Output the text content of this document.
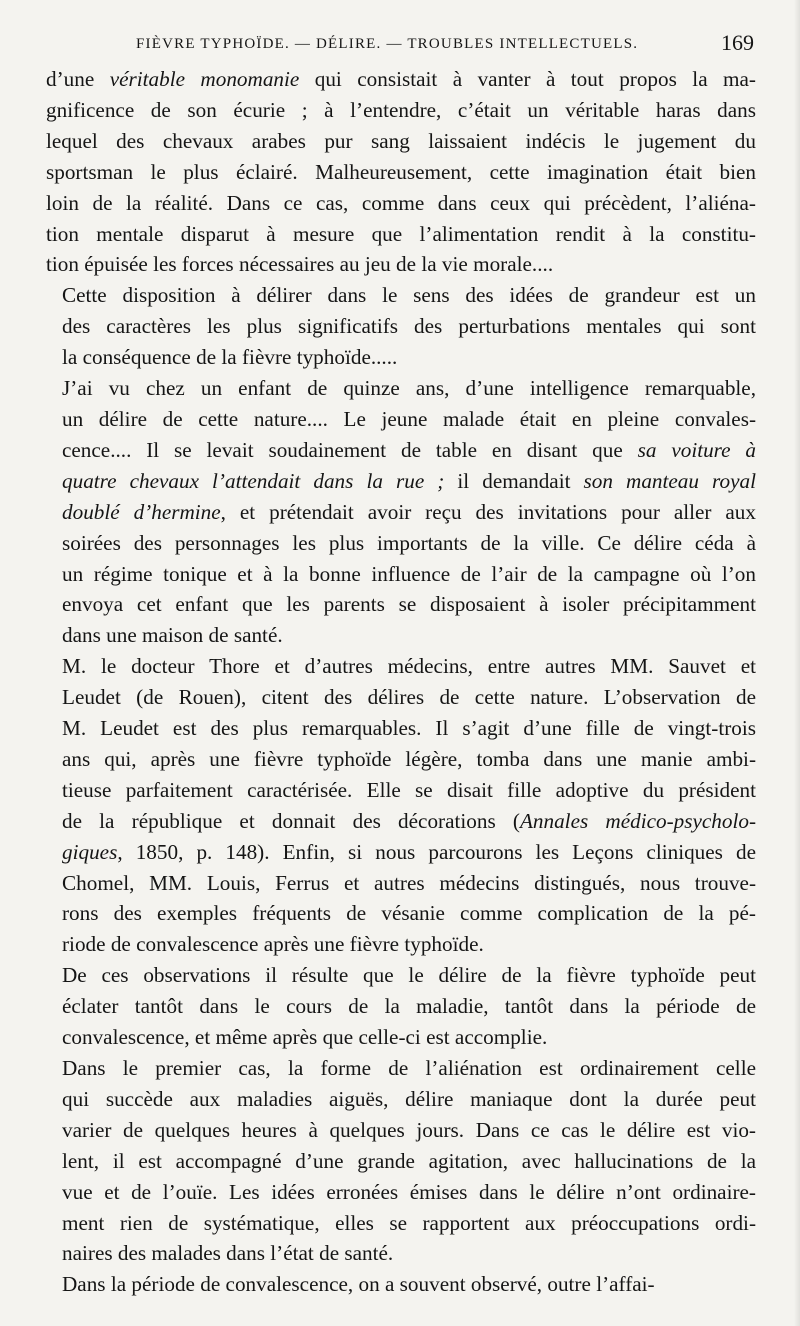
FIÈVRE TYPHOÏDE. — DÉLIRE. — TROUBLES INTELLECTUELS.	169

d’une véritable monomanie qui consistait à vanter à tout propos la ma-
gnificence de son écurie ; à l’entendre, c’était un véritable haras dans
lequel des chevaux arabes pur sang laissaient indécis le jugement du
sportsman le plus éclairé. Malheureusement, cette imagination était bien
loin de la réalité. Dans ce cas, comme dans ceux qui précèdent, l’aliéna-
tion mentale disparut à mesure que l’alimentation rendit à la constitu-
tion épuisée les forces nécessaires au jeu de la vie morale....

Cette disposition à délirer dans le sens des idées de grandeur est un
des caractères les plus significatifs des perturbations mentales qui sont
la conséquence de la fièvre typhoïde.....

J’ai vu chez un enfant de quinze ans, d’une intelligence remarquable,
un délire de cette nature.... Le jeune malade était en pleine convales-
cence.... Il se levait soudainement de table en disant que sa voiture à
quatre chevaux l’attendait dans la rue ; il demandait son manteau royal
doublé d’hermine, et prétendait avoir reçu des invitations pour aller aux
soirées des personnages les plus importants de la ville. Ce délire céda à
un régime tonique et à la bonne influence de l’air de la campagne où l’on
envoya cet enfant que les parents se disposaient à isoler précipitamment
dans une maison de santé.

M. le docteur Thore et d’autres médecins, entre autres MM. Sauvet et
Leudet (de Rouen), citent des délires de cette nature. L’observation de
M. Leudet est des plus remarquables. Il s’agit d’une fille de vingt-trois
ans qui, après une fièvre typhoïde légère, tomba dans une manie ambi-
tieuse parfaitement caractérisée. Elle se disait fille adoptive du président
de la république et donnait des décorations (Annales médico-psycholo-
giques, 1850, p. 148). Enfin, si nous parcourons les Leçons cliniques de
Chomel, MM. Louis, Ferrus et autres médecins distingués, nous trouve-
rons des exemples fréquents de vésanie comme complication de la pé-
riode de convalescence après une fièvre typhoïde.

De ces observations il résulte que le délire de la fièvre typhoïde peut
éclater tantôt dans le cours de la maladie, tantôt dans la période de
convalescence, et même après que celle-ci est accomplie.

Dans le premier cas, la forme de l’aliénation est ordinairement celle
qui succède aux maladies aiguës, délire maniaque dont la durée peut
varier de quelques heures à quelques jours. Dans ce cas le délire est vio-
lent, il est accompagné d’une grande agitation, avec hallucinations de la
vue et de l’ouïe. Les idées erronées émises dans le délire n’ont ordinaire-
ment rien de systématique, elles se rapportent aux préoccupations ordi-
naires des malades dans l’état de santé.

Dans la période de convalescence, on a souvent observé, outre l’affai-
